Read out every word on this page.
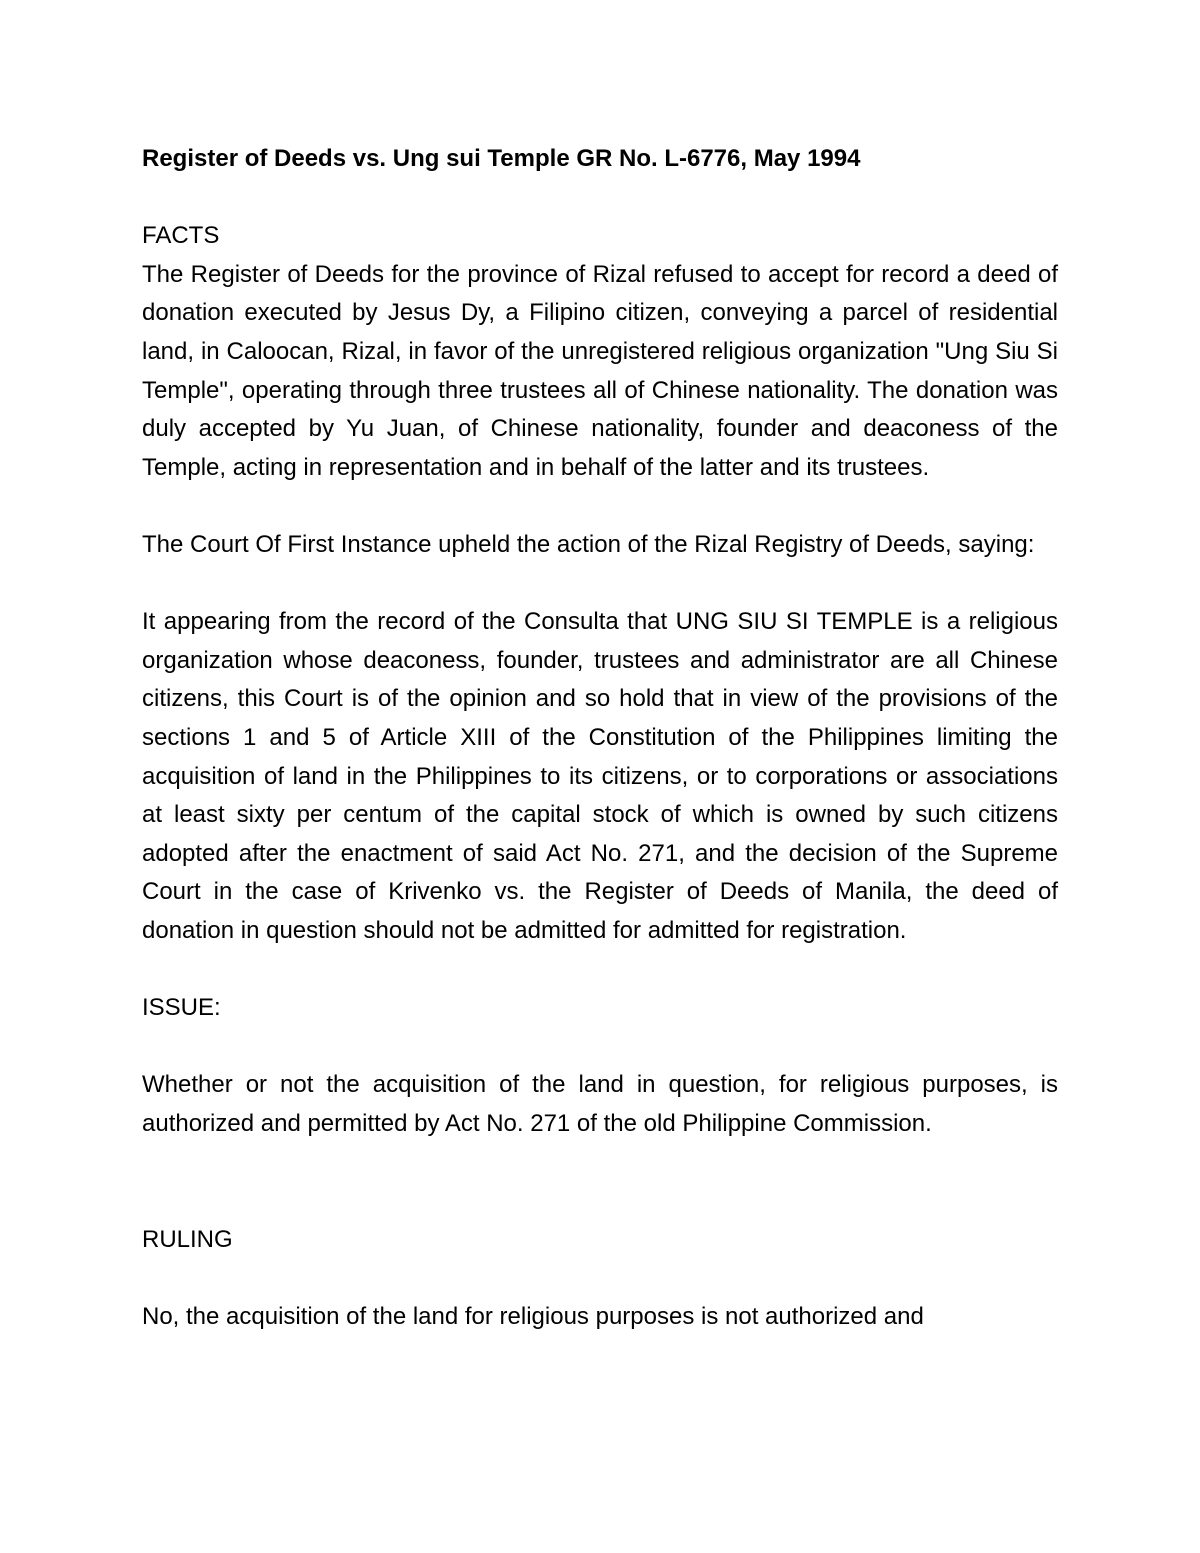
Register of Deeds vs. Ung sui Temple GR No. L-6776, May 1994

FACTS

The Register of Deeds for the province of Rizal refused to accept for record a deed of donation executed by Jesus Dy, a Filipino citizen, conveying a parcel of residential land, in Caloocan, Rizal, in favor of the unregistered religious organization "Ung Siu Si Temple", operating through three trustees all of Chinese nationality. The donation was duly accepted by Yu Juan, of Chinese nationality, founder and deaconess of the Temple, acting in representation and in behalf of the latter and its trustees.

The Court Of First Instance upheld the action of the Rizal Registry of Deeds, saying:

It appearing from the record of the Consulta that UNG SIU SI TEMPLE is a religious organization whose deaconess, founder, trustees and administrator are all Chinese citizens, this Court is of the opinion and so hold that in view of the provisions of the sections 1 and 5 of Article XIII of the Constitution of the Philippines limiting the acquisition of land in the Philippines to its citizens, or to corporations or associations at least sixty per centum of the capital stock of which is owned by such citizens adopted after the enactment of said Act No. 271, and the decision of the Supreme Court in the case of Krivenko vs. the Register of Deeds of Manila, the deed of donation in question should not be admitted for admitted for registration.

ISSUE:

Whether or not the acquisition of the land in question, for religious purposes, is authorized and permitted by Act No. 271 of the old Philippine Commission.

RULING

No, the acquisition of the land for religious purposes is not authorized and
